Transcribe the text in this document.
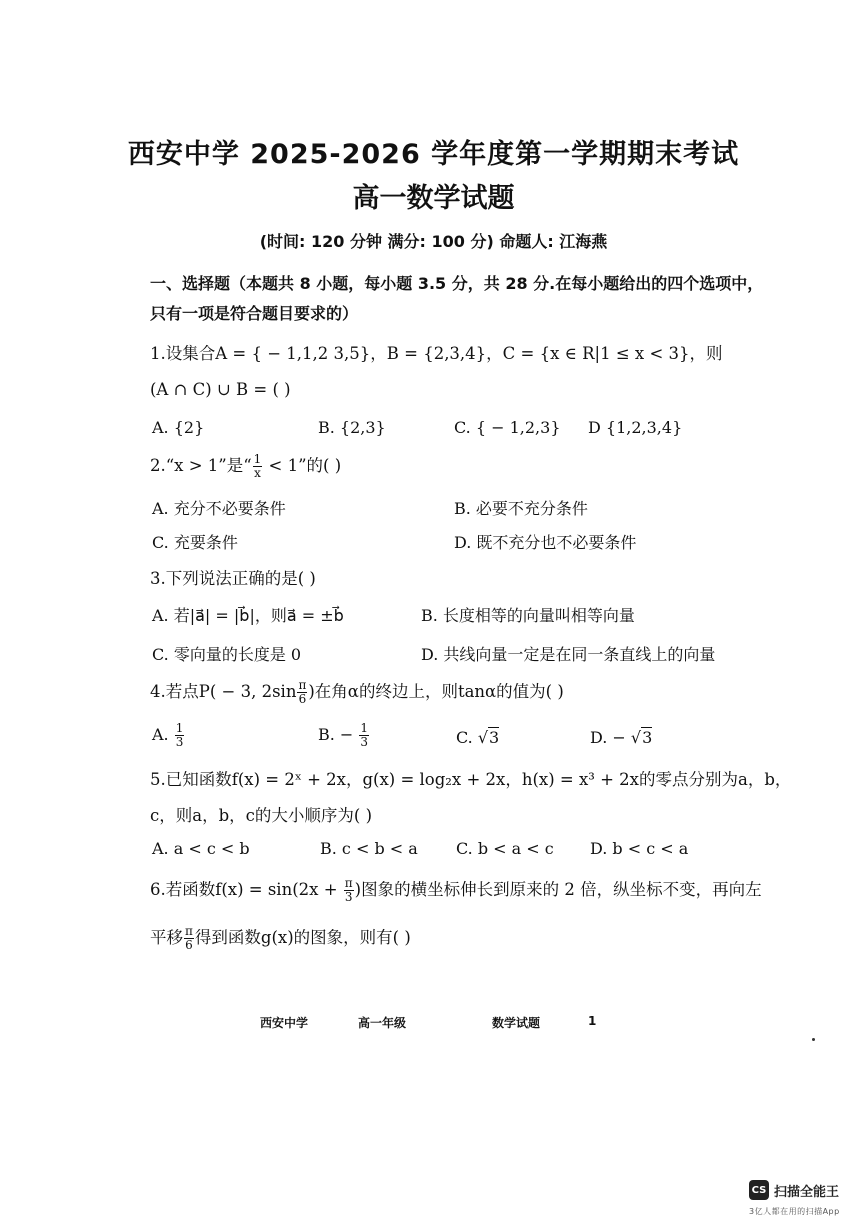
西安中学 2025-2026 学年度第一学期期末考试
高一数学试题
(时间: 120 分钟 满分: 100 分) 命题人: 江海燕
一、选择题（本题共 8 小题，每小题 3.5 分，共 28 分.在每小题给出的四个选项中，
只有一项是符合题目要求的）
1.设集合A = { − 1,1,2 3,5}，B = {2,3,4}，C = {x ∈ R|1 ≤ x < 3}，则
(A ∩ C) ∪ B = ( )
A. {2}	B. {2,3}	C. { − 1,2,3} D {1,2,3,4}
2.“x > 1”是“ $\frac{1}{x} < 1$”的( )
A. 充分不必要条件	B. 必要不充分条件
C. 充要条件	D. 既不充分也不必要条件
3.下列说法正确的是( )
A. 若|a⃗| = |b⃗|，则a⃗ = ±b⃗	B. 长度相等的向量叫相等向量
C. 零向量的长度是 0	D. 共线向量一定是在同一条直线上的向量
4.若点P( − 3, $2\sin \frac{\pi}{6}$ )在角α的终边上，则tanα的值为( )
A. $\frac{1}{3}$	B. − $\frac{1}{3}$	C. √3	D. − √3
5.已知函数f(x) = 2ˣ + 2x，g(x) = log₂x + 2x，h(x) = x³ + 2x的零点分别为a，b，
c，则a，b，c的大小顺序为( )
A. a < c < b	B. c < b < a C. b < a < c D. b < c < a
6.若函数$f(x) = \sin(2x + \frac{\pi}{3}$ )图象的横坐标伸长到原来的 2 倍，纵坐标不变，再向左
平移 $\frac{\pi}{6}$ 得到函数g(x)的图象，则有( )
西安中学	高一年级	数学试题	1
CS 扫描全能王
3亿人都在用的扫描App
